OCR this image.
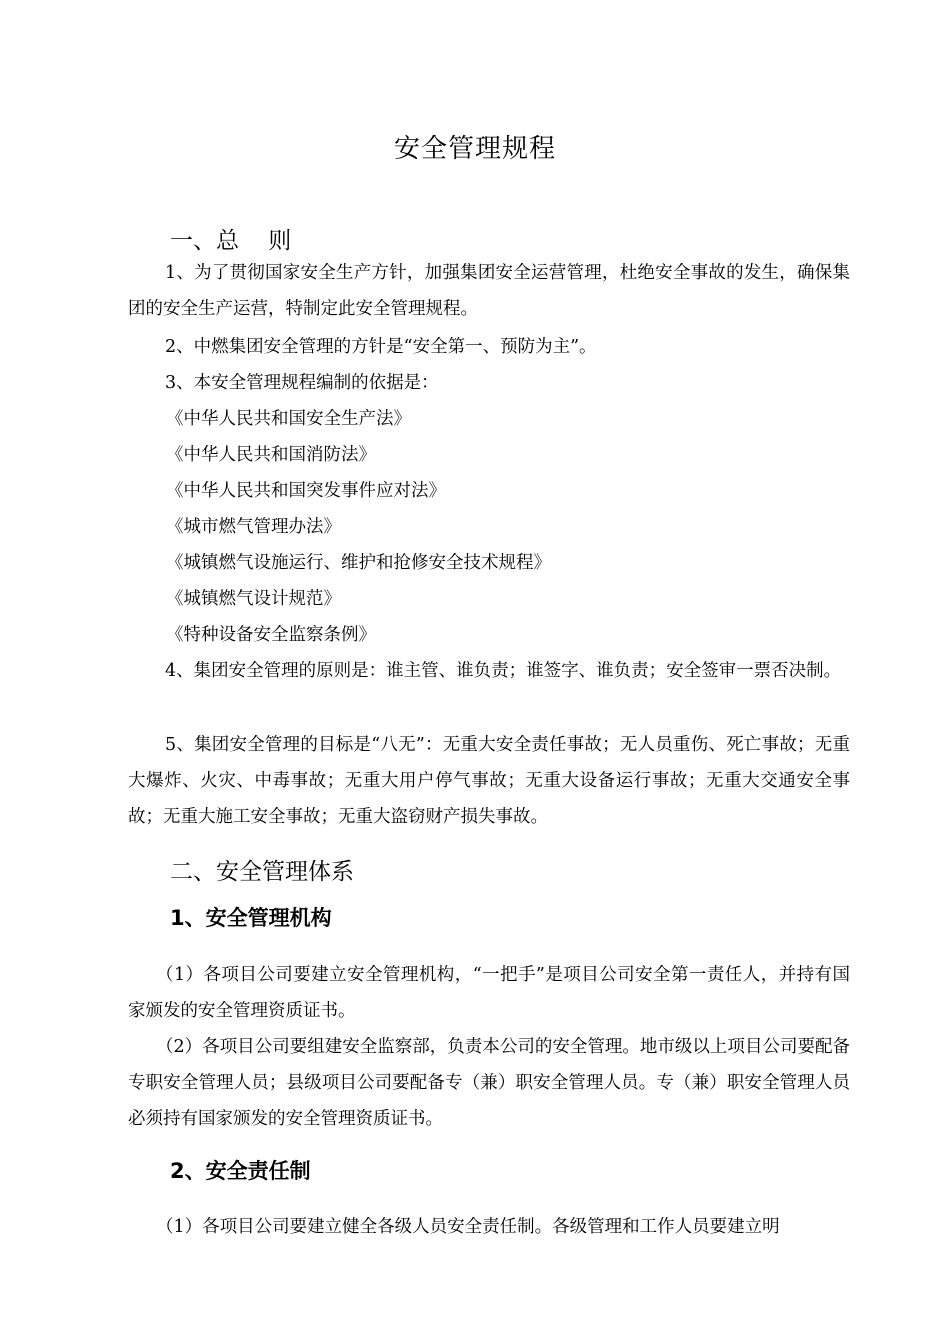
安全管理规程
一、总    则

1、为了贯彻国家安全生产方针，加强集团安全运营管理，杜绝安全事故的发生，确保集团的安全生产运营，特制定此安全管理规程。

2、中燃集团安全管理的方针是“安全第一、预防为主”。

3、本安全管理规程编制的依据是：

《中华人民共和国安全生产法》

《中华人民共和国消防法》

《中华人民共和国突发事件应对法》

《城市燃气管理办法》

《城镇燃气设施运行、维护和抢修安全技术规程》

《城镇燃气设计规范》

《特种设备安全监察条例》

4、集团安全管理的原则是：谁主管、谁负责；谁签字、谁负责；安全签审一票否决制。

5、集团安全管理的目标是“八无”：无重大安全责任事故；无人员重伤、死亡事故；无重大爆炸、火灾、中毒事故；无重大用户停气事故；无重大设备运行事故；无重大交通安全事故；无重大施工安全事故；无重大盗窃财产损失事故。

二、安全管理体系
1、安全管理机构

（1）各项目公司要建立安全管理机构，“一把手”是项目公司安全第一责任人，并持有国家颁发的安全管理资质证书。

（2）各项目公司要组建安全监察部，负责本公司的安全管理。地市级以上项目公司要配备专职安全管理人员；县级项目公司要配备专（兼）职安全管理人员。专（兼）职安全管理人员必须持有国家颁发的安全管理资质证书。

2、安全责任制

（1）各项目公司要建立健全各级人员安全责任制。各级管理和工作人员要建立明
